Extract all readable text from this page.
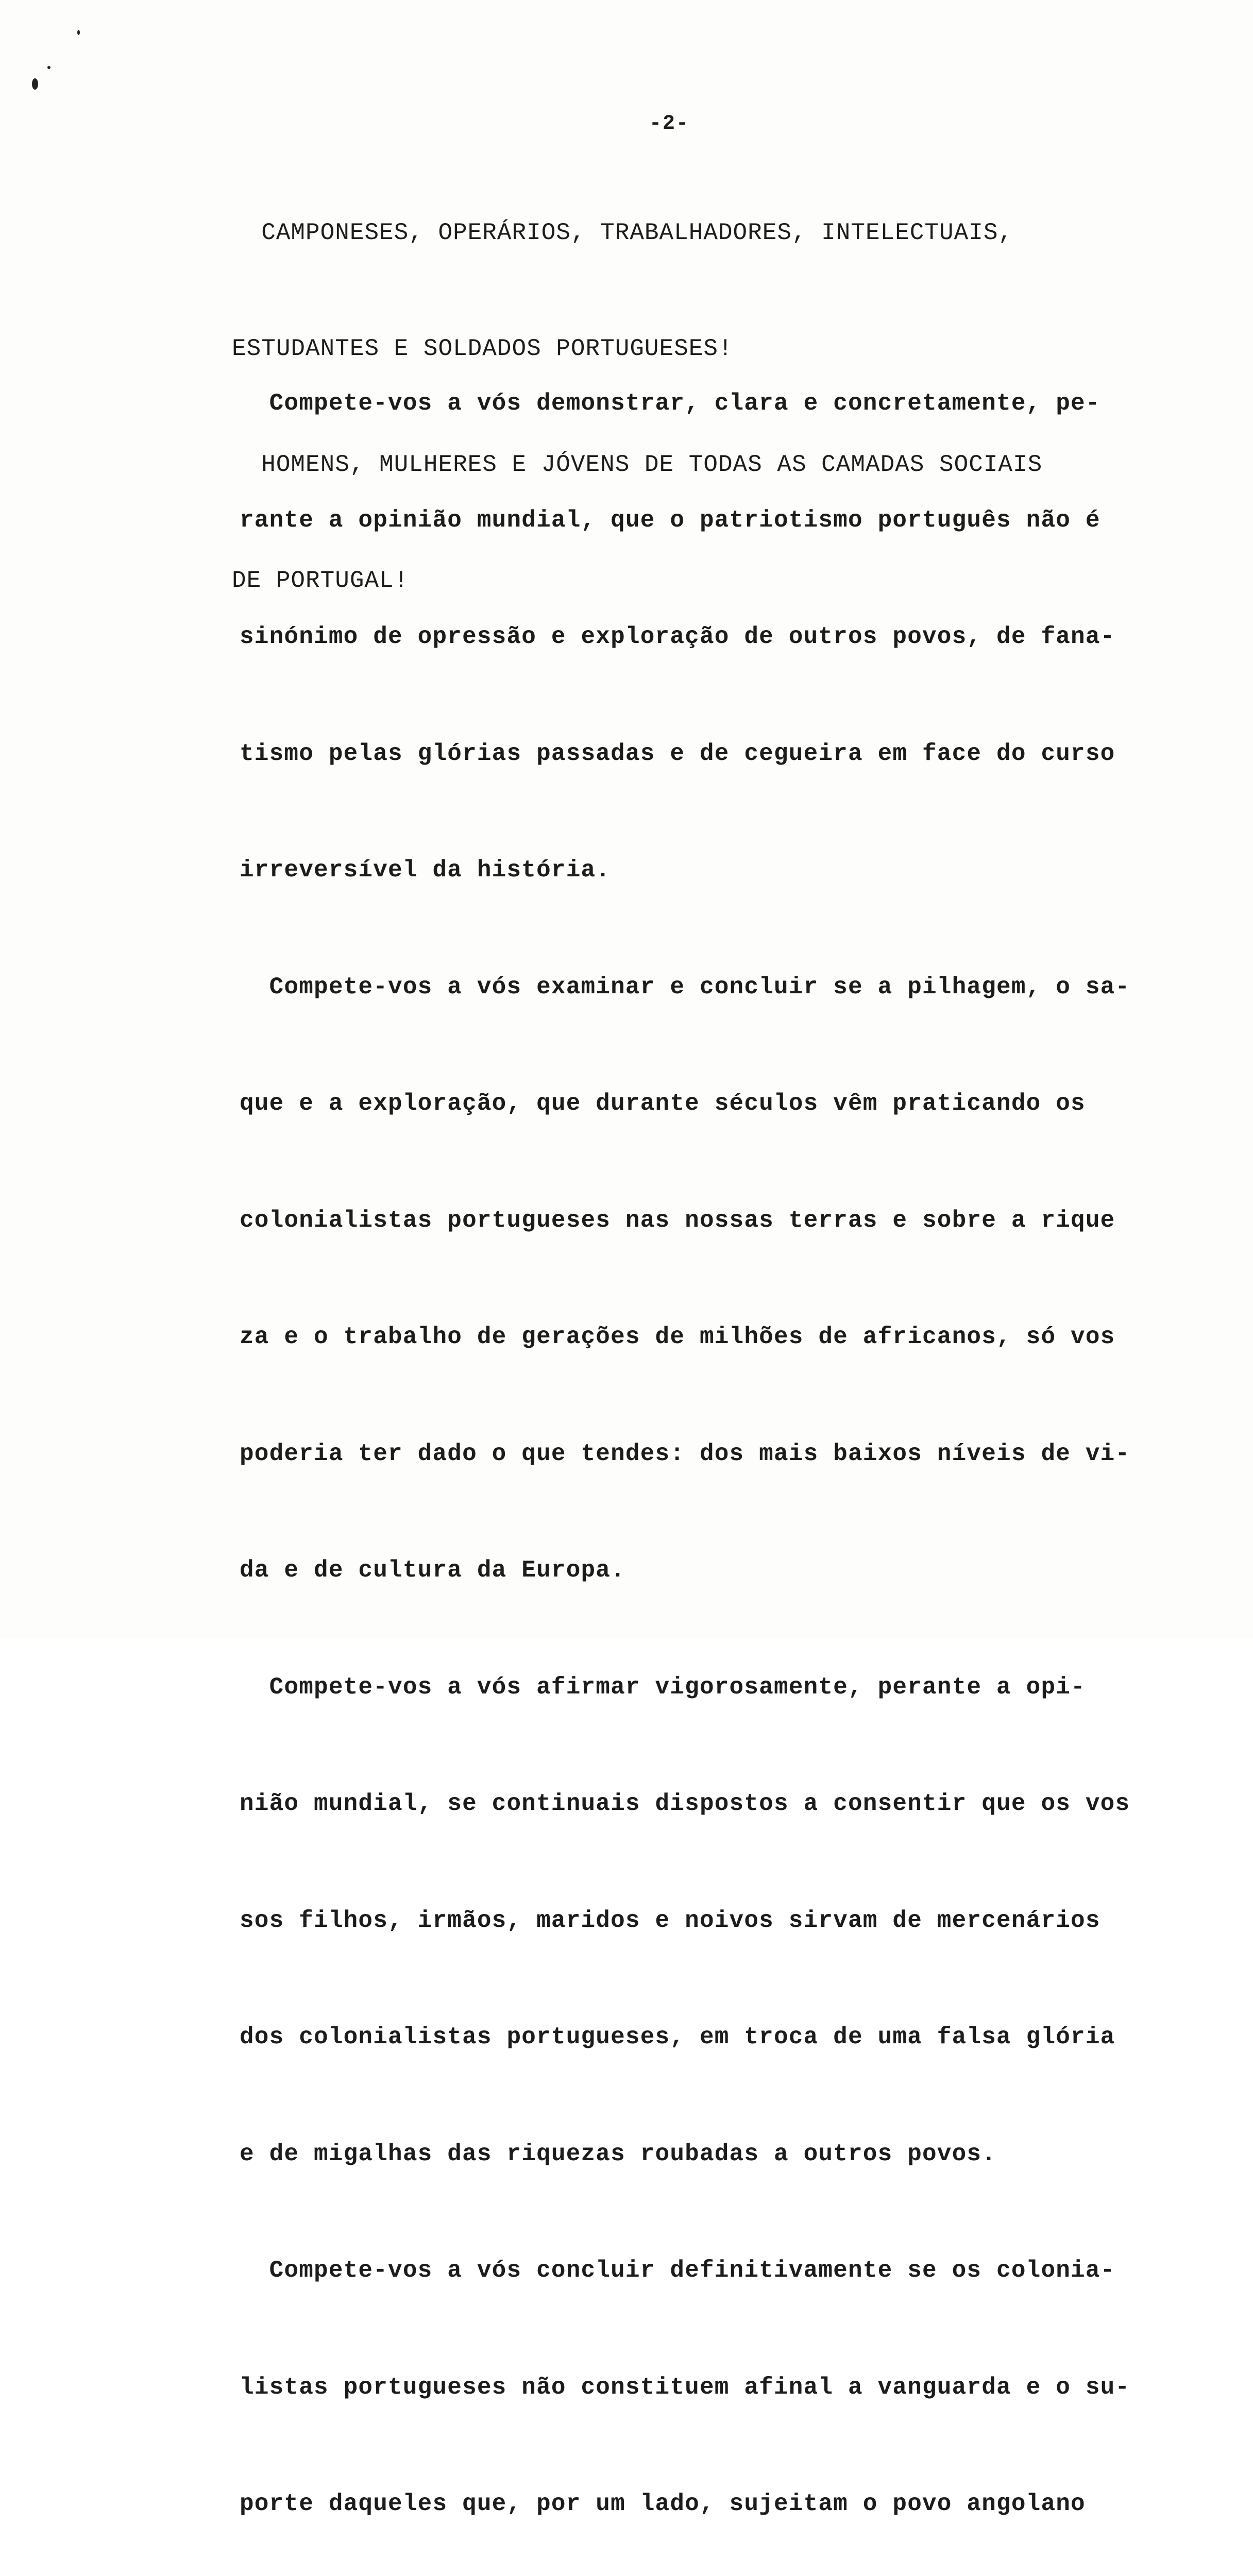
-2-

CAMPONESES, OPERÁRIOS, TRABALHADORES, INTELECTUAIS,

ESTUDANTES E SOLDADOS PORTUGUESES!

HOMENS, MULHERES E JÓVENS DE TODAS AS CAMADAS SOCIAIS

DE PORTUGAL!

Compete-vos a vós demonstrar, clara e concretamente, pe-

rante a opinião mundial, que o patriotismo português não é

sinónimo de opressão e exploração de outros povos, de fana-

tismo pelas glórias passadas e de cegueira em face do curso

irreversível da história.

Compete-vos a vós examinar e concluir se a pilhagem, o sa-

que e a exploração, que durante séculos vêm praticando os

colonialistas portugueses nas nossas terras e sobre a rique

za e o trabalho de gerações de milhões de africanos, só vos

poderia ter dado o que tendes: dos mais baixos níveis de vi-

da e de cultura da Europa.

Compete-vos a vós afirmar vigorosamente, perante a opi-

nião mundial, se continuais dispostos a consentir que os vos

sos filhos, irmãos, maridos e noivos sirvam de mercenários

dos colonialistas portugueses, em troca de uma falsa glória

e de migalhas das riquezas roubadas a outros povos.

Compete-vos a vós concluir definitivamente se os colonia-

listas portugueses não constituem afinal a vanguarda e o su-

porte daqueles que, por um lado, sujeitam o povo angolano
